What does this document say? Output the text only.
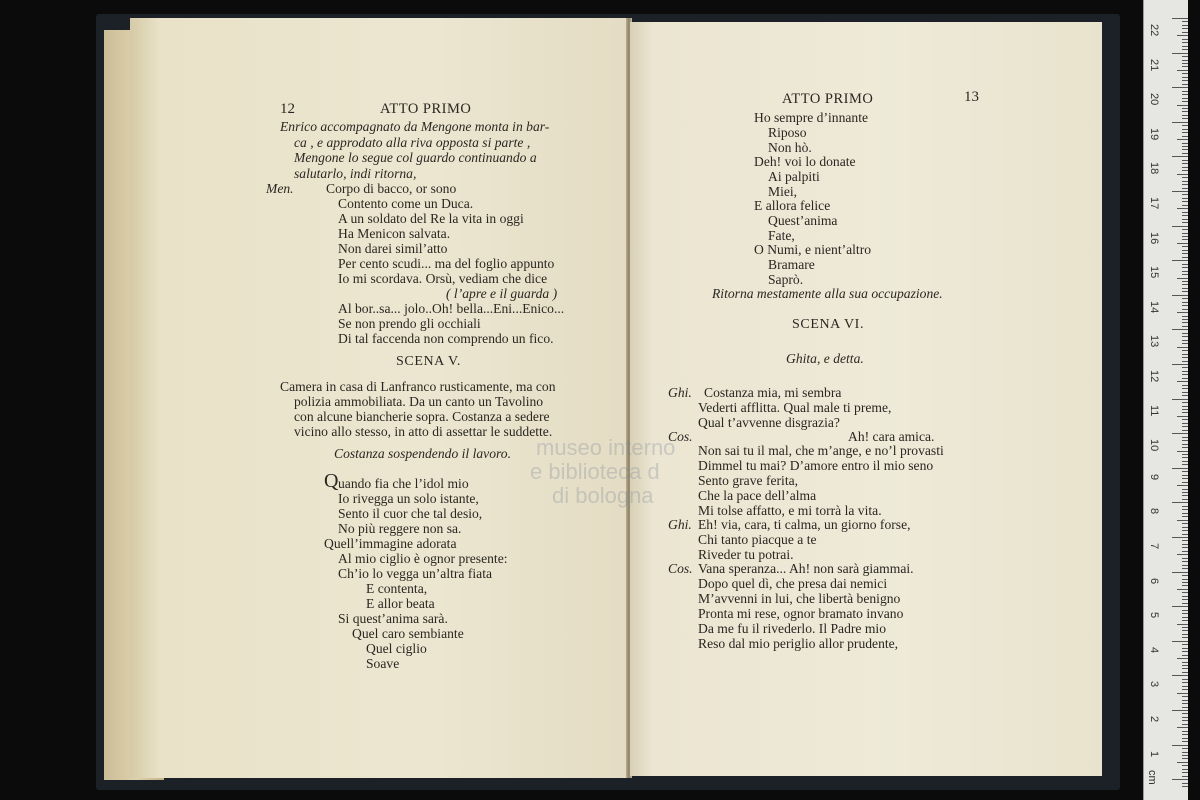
12	ATTO PRIMO
Enrico accompagnato da Mengone monta in bar-
ca , e approdato alla riva opposta si parte ,
Mengone lo segue col guardo continuando a
salutarlo, indi ritorna,
Men. Corpo di bacco, or sono
Contento come un Duca.
A un soldato del Re la vita in oggi
Ha Menicon salvata.
Non darei simil’atto
Per cento scudi... ma del foglio appunto
Io mi scordava. Orsù, vediam che dice
( l’apre e il guarda )
Al bor..sa... jolo..Oh! bella...Eni...Enico...
Se non prendo gli occhiali
Di tal faccenda non comprendo un fico.
SCENA V.
Camera in casa di Lanfranco rusticamente, ma con
polizia ammobiliata. Da un canto un Tavolino
con alcune biancherie sopra. Costanza a sedere
vicino allo stesso, in atto di assettar le suddette.
Costanza sospendendo il lavoro.
Q uando fia che l’idol mio
Io rivegga un solo istante,
Sento il cuor che tal desio,
No più reggere non sa.
Quell’immagine adorata
Al mio ciglio è ognor presente:
Ch’io lo vegga un’altra fiata
E contenta,
E allor beata
Si quest’anima sarà.
Quel caro sembiante
Quel ciglio
Soave
ATTO PRIMO	13
Ho sempre d’innante
Riposo
Non hò.
Deh! voi lo donate
Ai palpiti
Miei,
E allora felice
Quest’anima
Fate,
O Numi, e nient’altro
Bramare
Saprò.
Ritorna mestamente alla sua occupazione.
SCENA VI.
Ghita, e detta.
Ghi. Costanza mia, mi sembra
Vederti afflitta. Qual male ti preme,
Qual t’avvenne disgrazia?
Cos.	Ah! cara amica.
Non sai tu il mal, che m’ange, e no’l provasti
Dimmel tu mai? D’amore entro il mio seno
Sento grave ferita,
Che la pace dell’alma
Mi tolse affatto, e mi torrà la vita.
Ghi. Eh! via, cara, ti calma, un giorno forse,
Chi tanto piacque a te
Riveder tu potrai.
Cos. Vana speranza... Ah! non sarà giammai.
Dopo quel dì, che presa dai nemici
M’avvenni in lui, che libertà benigno
Pronta mi rese, ognor bramato invano
Da me fu il rivederlo. Il Padre mio
Reso dal mio periglio allor prudente,
museo interno
e biblioteca d
di bologna
22
21
20
19
18
17
16
15
14
13
12
11
10
9
8
7
6
5
4
3
2
1
cm
